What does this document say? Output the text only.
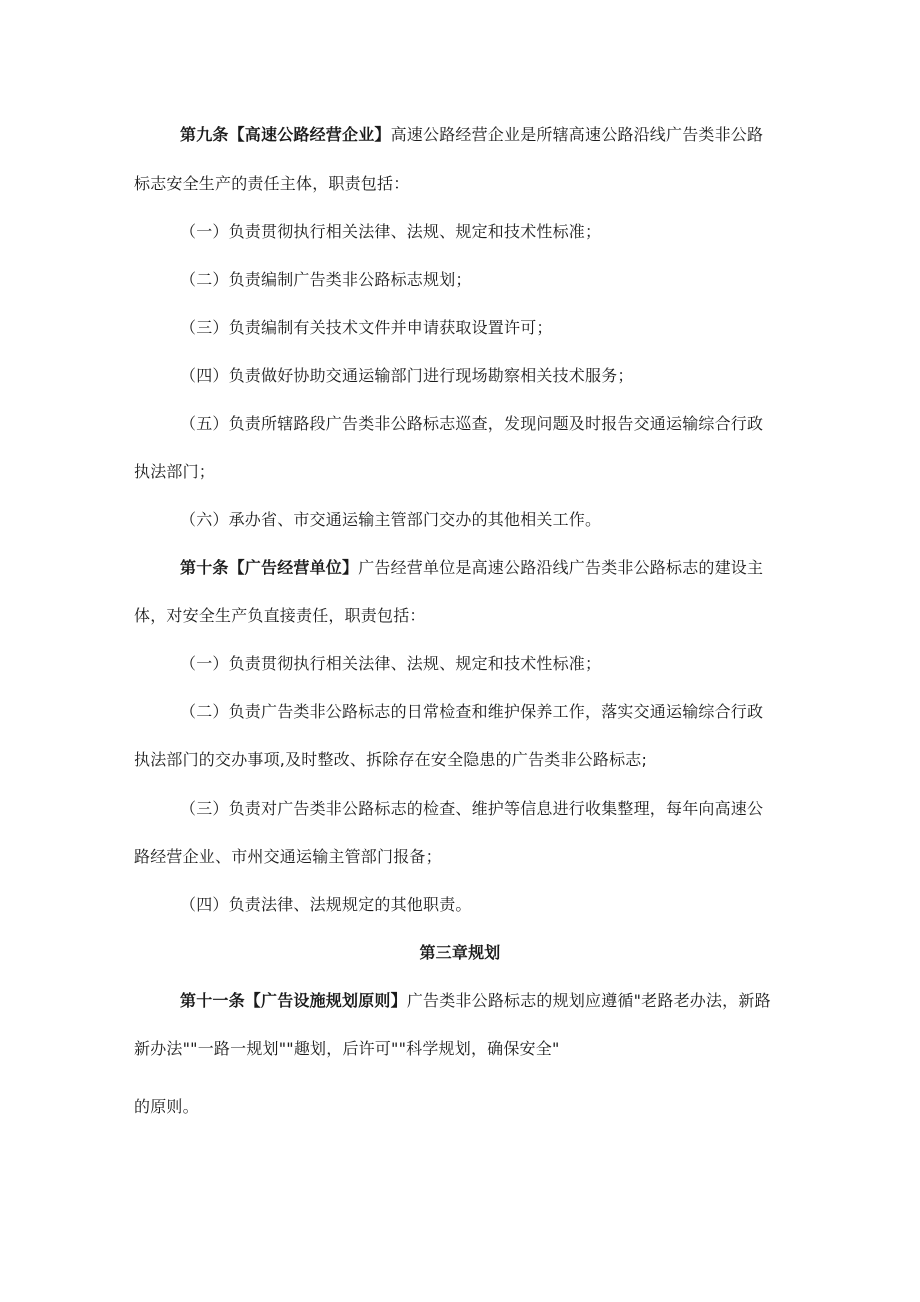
第九条【高速公路经营企业】高速公路经营企业是所辖高速公路沿线广告类非公路
标志安全生产的责任主体，职责包括：
（一）负责贯彻执行相关法律、法规、规定和技术性标准；
（二）负责编制广告类非公路标志规划；
（三）负责编制有关技术文件并申请获取设置许可；
（四）负责做好协助交通运输部门进行现场勘察相关技术服务；
（五）负责所辖路段广告类非公路标志巡查，发现问题及时报告交通运输综合行政
执法部门；
（六）承办省、市交通运输主管部门交办的其他相关工作。
第十条【广告经营单位】广告经营单位是高速公路沿线广告类非公路标志的建设主
体，对安全生产负直接责任，职责包括：
（一）负责贯彻执行相关法律、法规、规定和技术性标准；
（二）负责广告类非公路标志的日常检查和维护保养工作，落实交通运输综合行政
执法部门的交办事项,及时整改、拆除存在安全隐患的广告类非公路标志;
（三）负责对广告类非公路标志的检查、维护等信息进行收集整理，每年向高速公
路经营企业、市州交通运输主管部门报备；
（四）负责法律、法规规定的其他职责。
第三章规划
第十一条【广告设施规划原则】广告类非公路标志的规划应遵循"老路老办法，新路
新办法""一路一规划""趣划，后许可""科学规划，确保安全"
的原则。
